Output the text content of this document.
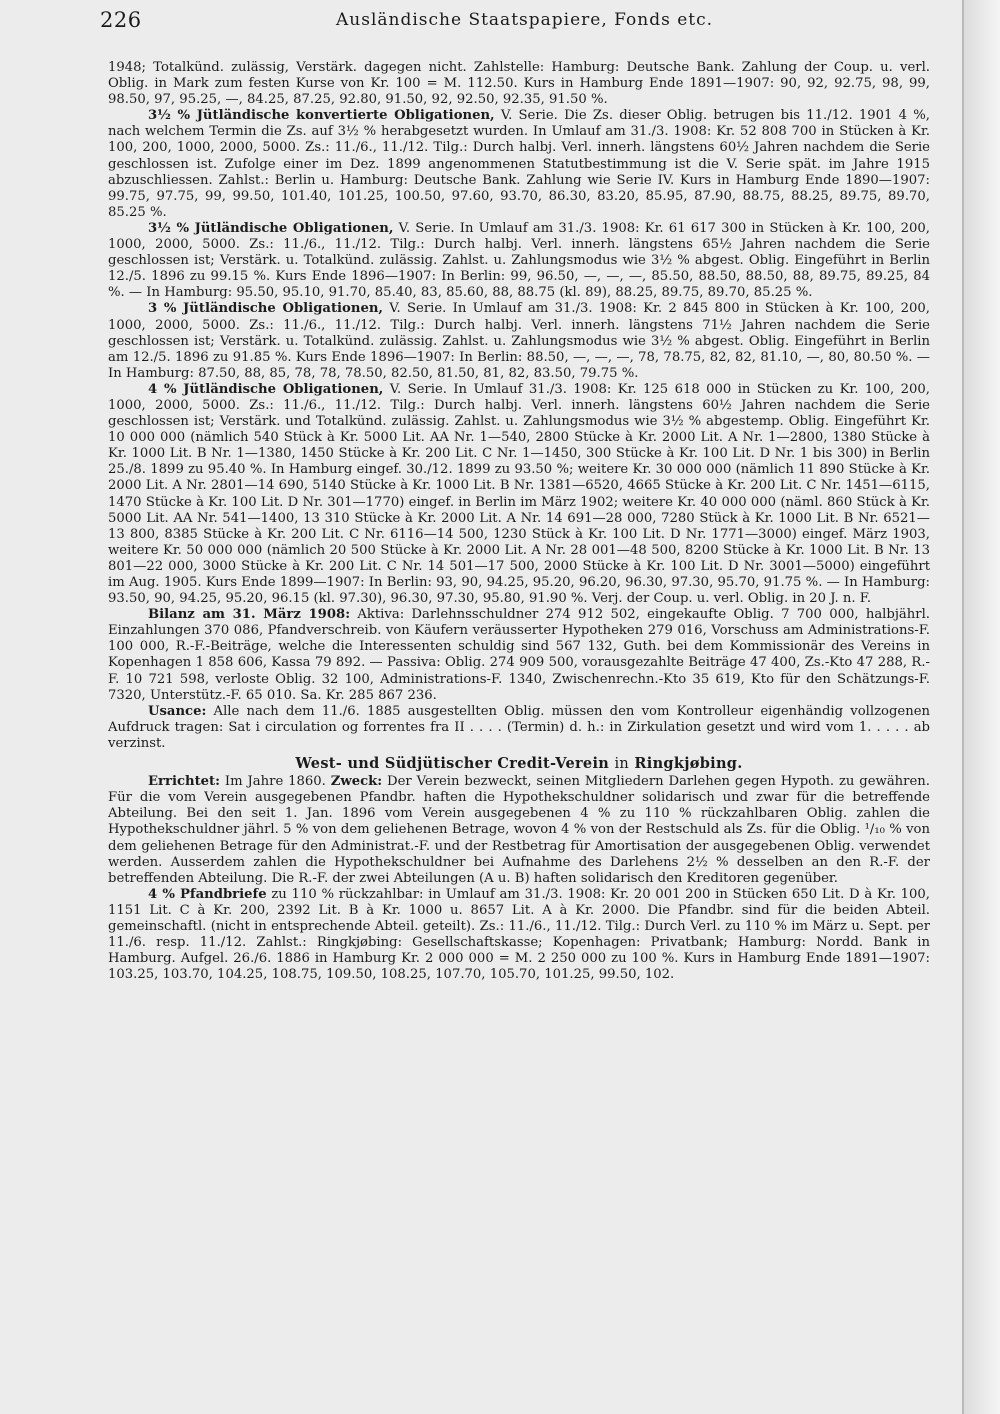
226	Ausländische Staatspapiere, Fonds etc.

1948; Totalkünd. zulässig, Verstärk. dagegen nicht. Zahlstelle: Hamburg: Deutsche Bank. Zahlung der Coup. u. verl. Oblig. in Mark zum festen Kurse von Kr. 100 = M. 112.50. Kurs in Hamburg Ende 1891—1907: 90, 92, 92.75, 98, 99, 98.50, 97, 95.25, —, 84.25, 87.25, 92.80, 91.50, 92, 92.50, 92.35, 91.50 %.

3½ % Jütländische konvertierte Obligationen, V. Serie. Die Zs. dieser Oblig. betrugen bis 11./12. 1901 4 %, nach welchem Termin die Zs. auf 3½ % herabgesetzt wurden. In Umlauf am 31./3. 1908: Kr. 52 808 700 in Stücken à Kr. 100, 200, 1000, 2000, 5000. Zs.: 11./6., 11./12. Tilg.: Durch halbj. Verl. innerh. längstens 60½ Jahren nachdem die Serie geschlossen ist. Zufolge einer im Dez. 1899 angenommenen Statutbestimmung ist die V. Serie spät. im Jahre 1915 abzuschliessen. Zahlst.: Berlin u. Hamburg: Deutsche Bank. Zahlung wie Serie IV. Kurs in Hamburg Ende 1890—1907: 99.75, 97.75, 99, 99.50, 101.40, 101.25, 100.50, 97.60, 93.70, 86.30, 83.20, 85.95, 87.90, 88.75, 88.25, 89.75, 89.70, 85.25 %.

3½ % Jütländische Obligationen, V. Serie. In Umlauf am 31./3. 1908: Kr. 61 617 300 in Stücken à Kr. 100, 200, 1000, 2000, 5000. Zs.: 11./6., 11./12. Tilg.: Durch halbj. Verl. innerh. längstens 65½ Jahren nachdem die Serie geschlossen ist; Verstärk. u. Totalkünd. zulässig. Zahlst. u. Zahlungsmodus wie 3½ % abgest. Oblig. Eingeführt in Berlin 12./5. 1896 zu 99.15 %. Kurs Ende 1896—1907: In Berlin: 99, 96.50, —, —, —, 85.50, 88.50, 88.50, 88, 89.75, 89.25, 84 %. — In Hamburg: 95.50, 95.10, 91.70, 85.40, 83, 85.60, 88, 88.75 (kl. 89), 88.25, 89.75, 89.70, 85.25 %.

3 % Jütländische Obligationen, V. Serie. In Umlauf am 31./3. 1908: Kr. 2 845 800 in Stücken à Kr. 100, 200, 1000, 2000, 5000. Zs.: 11./6., 11./12. Tilg.: Durch halbj. Verl. innerh. längstens 71½ Jahren nachdem die Serie geschlossen ist; Verstärk. u. Totalkünd. zulässig. Zahlst. u. Zahlungsmodus wie 3½ % abgest. Oblig. Eingeführt in Berlin am 12./5. 1896 zu 91.85 %. Kurs Ende 1896—1907: In Berlin: 88.50, —, —, —, 78, 78.75, 82, 82, 81.10, —, 80, 80.50 %. — In Hamburg: 87.50, 88, 85, 78, 78, 78.50, 82.50, 81.50, 81, 82, 83.50, 79.75 %.

4 % Jütländische Obligationen, V. Serie. In Umlauf 31./3. 1908: Kr. 125 618 000 in Stücken zu Kr. 100, 200, 1000, 2000, 5000. Zs.: 11./6., 11./12. Tilg.: Durch halbj. Verl. innerh. längstens 60½ Jahren nachdem die Serie geschlossen ist; Verstärk. und Totalkünd. zulässig. Zahlst. u. Zahlungsmodus wie 3½ % abgestemp. Oblig. Eingeführt Kr. 10 000 000 (nämlich 540 Stück à Kr. 5000 Lit. AA Nr. 1—540, 2800 Stücke à Kr. 2000 Lit. A Nr. 1—2800, 1380 Stücke à Kr. 1000 Lit. B Nr. 1—1380, 1450 Stücke à Kr. 200 Lit. C Nr. 1—1450, 300 Stücke à Kr. 100 Lit. D Nr. 1 bis 300) in Berlin 25./8. 1899 zu 95.40 %. In Hamburg eingef. 30./12. 1899 zu 93.50 %; weitere Kr. 30 000 000 (nämlich 11 890 Stücke à Kr. 2000 Lit. A Nr. 2801—14 690, 5140 Stücke à Kr. 1000 Lit. B Nr. 1381—6520, 4665 Stücke à Kr. 200 Lit. C Nr. 1451—6115, 1470 Stücke à Kr. 100 Lit. D Nr. 301—1770) eingef. in Berlin im März 1902; weitere Kr. 40 000 000 (näml. 860 Stück à Kr. 5000 Lit. AA Nr. 541—1400, 13 310 Stücke à Kr. 2000 Lit. A Nr. 14 691—28 000, 7280 Stück à Kr. 1000 Lit. B Nr. 6521—13 800, 8385 Stücke à Kr. 200 Lit. C Nr. 6116—14 500, 1230 Stück à Kr. 100 Lit. D Nr. 1771—3000) eingef. März 1903, weitere Kr. 50 000 000 (nämlich 20 500 Stücke à Kr. 2000 Lit. A Nr. 28 001—48 500, 8200 Stücke à Kr. 1000 Lit. B Nr. 13 801—22 000, 3000 Stücke à Kr. 200 Lit. C Nr. 14 501—17 500, 2000 Stücke à Kr. 100 Lit. D Nr. 3001—5000) eingeführt im Aug. 1905. Kurs Ende 1899—1907: In Berlin: 93, 90, 94.25, 95.20, 96.20, 96.30, 97.30, 95.70, 91.75 %. — In Hamburg: 93.50, 90, 94.25, 95.20, 96.15 (kl. 97.30), 96.30, 97.30, 95.80, 91.90 %. Verj. der Coup. u. verl. Oblig. in 20 J. n. F.

Bilanz am 31. März 1908: Aktiva: Darlehnsschuldner 274 912 502, eingekaufte Oblig. 7 700 000, halbjährl. Einzahlungen 370 086, Pfandverschreib. von Käufern veräusserter Hypotheken 279 016, Vorschuss am Administrations-F. 100 000, R.-F.-Beiträge, welche die Interessenten schuldig sind 567 132, Guth. bei dem Kommissionär des Vereins in Kopenhagen 1 858 606, Kassa 79 892. — Passiva: Oblig. 274 909 500, vorausgezahlte Beiträge 47 400, Zs.-Kto 47 288, R.-F. 10 721 598, verloste Oblig. 32 100, Administrations-F. 1340, Zwischenrechn.-Kto 35 619, Kto für den Schätzungs-F. 7320, Unterstütz.-F. 65 010. Sa. Kr. 285 867 236.

Usance: Alle nach dem 11./6. 1885 ausgestellten Oblig. müssen den vom Kontrolleur eigenhändig vollzogenen Aufdruck tragen: Sat i circulation og forrentes fra II . . . . (Termin) d. h.: in Zirkulation gesetzt und wird vom 1. . . . . ab verzinst.

West- und Südjütischer Credit-Verein in Ringkjøbing.

Errichtet: Im Jahre 1860. Zweck: Der Verein bezweckt, seinen Mitgliedern Darlehen gegen Hypoth. zu gewähren. Für die vom Verein ausgegebenen Pfandbr. haften die Hypothekschuldner solidarisch und zwar für die betreffende Abteilung. Bei den seit 1. Jan. 1896 vom Verein ausgegebenen 4 % zu 110 % rückzahlbaren Oblig. zahlen die Hypothekschuldner jährl. 5 % von dem geliehenen Betrage, wovon 4 % von der Restschuld als Zs. für die Oblig. ¹/₁₀ % von dem geliehenen Betrage für den Administrat.-F. und der Restbetrag für Amortisation der ausgegebenen Oblig. verwendet werden. Ausserdem zahlen die Hypothekschuldner bei Aufnahme des Darlehens 2½ % desselben an den R.-F. der betreffenden Abteilung. Die R.-F. der zwei Abteilungen (A u. B) haften solidarisch den Kreditoren gegenüber.

4 % Pfandbriefe zu 110 % rückzahlbar: in Umlauf am 31./3. 1908: Kr. 20 001 200 in Stücken 650 Lit. D à Kr. 100, 1151 Lit. C à Kr. 200, 2392 Lit. B à Kr. 1000 u. 8657 Lit. A à Kr. 2000. Die Pfandbr. sind für die beiden Abteil. gemeinschaftl. (nicht in entsprechende Abteil. geteilt). Zs.: 11./6., 11./12. Tilg.: Durch Verl. zu 110 % im März u. Sept. per 11./6. resp. 11./12. Zahlst.: Ringkjøbing: Gesellschaftskasse; Kopenhagen: Privatbank; Hamburg: Nordd. Bank in Hamburg. Aufgel. 26./6. 1886 in Hamburg Kr. 2 000 000 = M. 2 250 000 zu 100 %. Kurs in Hamburg Ende 1891—1907: 103.25, 103.70, 104.25, 108.75, 109.50, 108.25, 107.70, 105.70, 101.25, 99.50, 102.
